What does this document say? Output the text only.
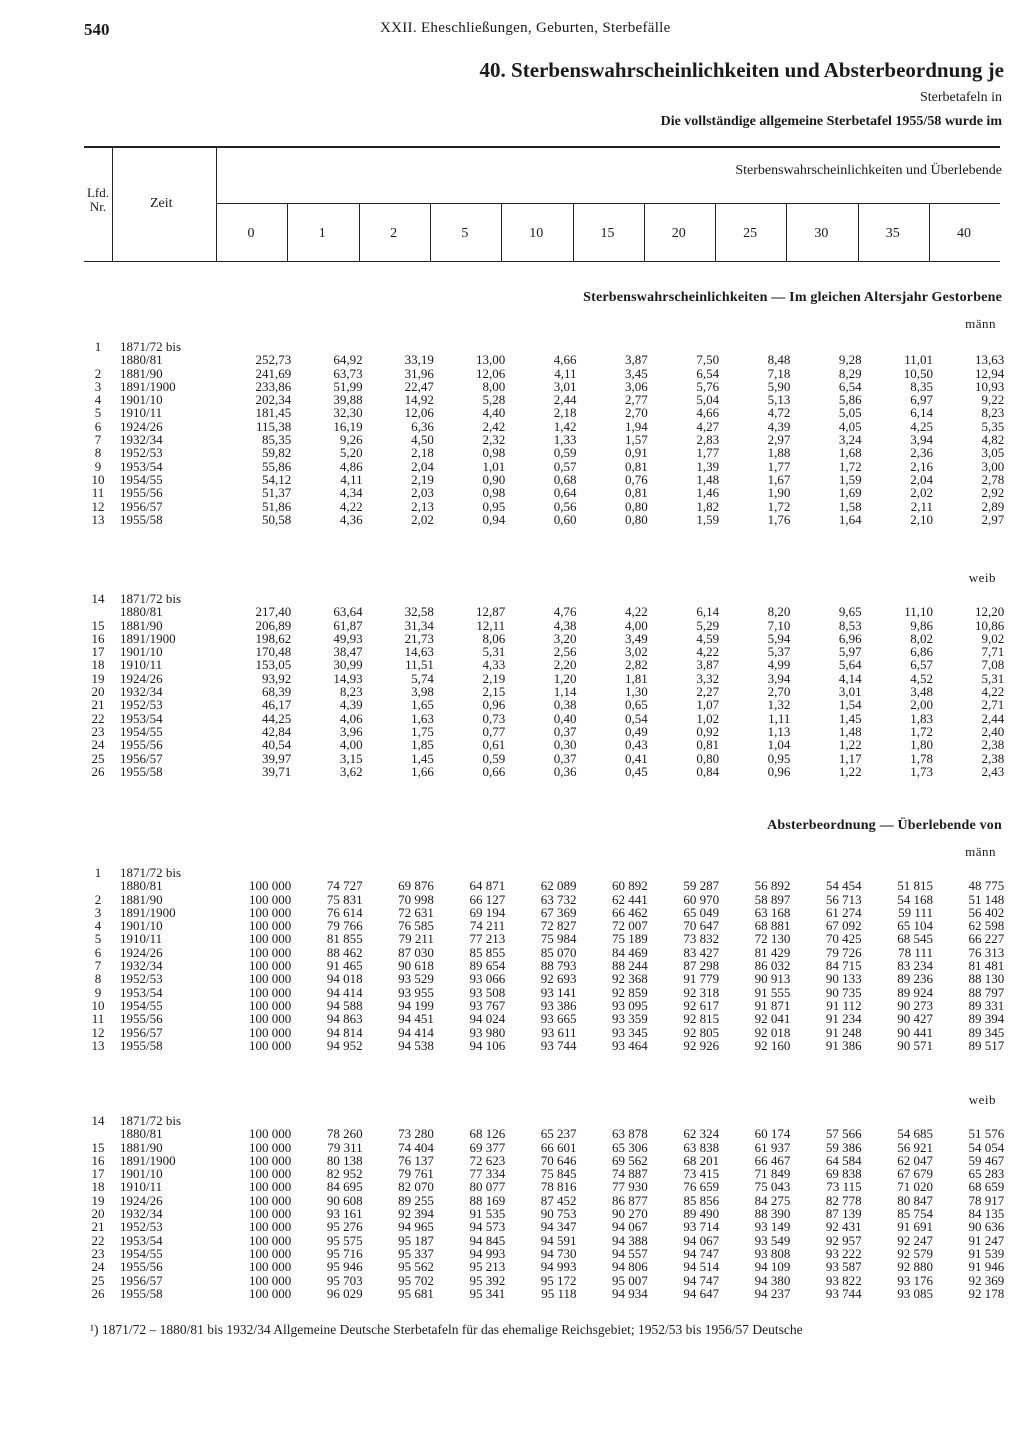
540	XXII. Eheschließungen, Geburten, Sterbefälle
40. Sterbenswahrscheinlichkeiten und Absterbeordnung je
Sterbetafeln in
Die vollständige allgemeine Sterbetafel 1955/58 wurde im
Lfd.
Nr.	Zeit
Sterbenswahrscheinlichkeiten und Überlebende
0	1	2	5	10	15	20	25	30	35	40
Sterbenswahrscheinlichkeiten — Im gleichen Altersjahr Gestorbene
männ
weib
Absterbeordnung — Überlebende von
männ
weib
1	1871/72 bis											
	1880/81	252,73	64,92	33,19	13,00	4,66	3,87	7,50	8,48	9,28	11,01	13,63
2	1881/90	241,69	63,73	31,96	12,06	4,11	3,45	6,54	7,18	8,29	10,50	12,94
3	1891/1900	233,86	51,99	22,47	8,00	3,01	3,06	5,76	5,90	6,54	8,35	10,93
4	1901/10	202,34	39,88	14,92	5,28	2,44	2,77	5,04	5,13	5,86	6,97	9,22
5	1910/11	181,45	32,30	12,06	4,40	2,18	2,70	4,66	4,72	5,05	6,14	8,23
6	1924/26	115,38	16,19	6,36	2,42	1,42	1,94	4,27	4,39	4,05	4,25	5,35
7	1932/34	85,35	9,26	4,50	2,32	1,33	1,57	2,83	2,97	3,24	3,94	4,82
8	1952/53	59,82	5,20	2,18	0,98	0,59	0,91	1,77	1,88	1,68	2,36	3,05
9	1953/54	55,86	4,86	2,04	1,01	0,57	0,81	1,39	1,77	1,72	2,16	3,00
10	1954/55	54,12	4,11	2,19	0,90	0,68	0,76	1,48	1,67	1,59	2,04	2,78
11	1955/56	51,37	4,34	2,03	0,98	0,64	0,81	1,46	1,90	1,69	2,02	2,92
12	1956/57	51,86	4,22	2,13	0,95	0,56	0,80	1,82	1,72	1,58	2,11	2,89
13	1955/58	50,58	4,36	2,02	0,94	0,60	0,80	1,59	1,76	1,64	2,10	2,97
14	1871/72 bis											
	1880/81	217,40	63,64	32,58	12,87	4,76	4,22	6,14	8,20	9,65	11,10	12,20
15	1881/90	206,89	61,87	31,34	12,11	4,38	4,00	5,29	7,10	8,53	9,86	10,86
16	1891/1900	198,62	49,93	21,73	8,06	3,20	3,49	4,59	5,94	6,96	8,02	9,02
17	1901/10	170,48	38,47	14,63	5,31	2,56	3,02	4,22	5,37	5,97	6,86	7,71
18	1910/11	153,05	30,99	11,51	4,33	2,20	2,82	3,87	4,99	5,64	6,57	7,08
19	1924/26	93,92	14,93	5,74	2,19	1,20	1,81	3,32	3,94	4,14	4,52	5,31
20	1932/34	68,39	8,23	3,98	2,15	1,14	1,30	2,27	2,70	3,01	3,48	4,22
21	1952/53	46,17	4,39	1,65	0,96	0,38	0,65	1,07	1,32	1,54	2,00	2,71
22	1953/54	44,25	4,06	1,63	0,73	0,40	0,54	1,02	1,11	1,45	1,83	2,44
23	1954/55	42,84	3,96	1,75	0,77	0,37	0,49	0,92	1,13	1,48	1,72	2,40
24	1955/56	40,54	4,00	1,85	0,61	0,30	0,43	0,81	1,04	1,22	1,80	2,38
25	1956/57	39,97	3,15	1,45	0,59	0,37	0,41	0,80	0,95	1,17	1,78	2,38
26	1955/58	39,71	3,62	1,66	0,66	0,36	0,45	0,84	0,96	1,22	1,73	2,43
1	1871/72 bis											
	1880/81	100 000	74 727	69 876	64 871	62 089	60 892	59 287	56 892	54 454	51 815	48 775
2	1881/90	100 000	75 831	70 998	66 127	63 732	62 441	60 970	58 897	56 713	54 168	51 148
3	1891/1900	100 000	76 614	72 631	69 194	67 369	66 462	65 049	63 168	61 274	59 111	56 402
4	1901/10	100 000	79 766	76 585	74 211	72 827	72 007	70 647	68 881	67 092	65 104	62 598
5	1910/11	100 000	81 855	79 211	77 213	75 984	75 189	73 832	72 130	70 425	68 545	66 227
6	1924/26	100 000	88 462	87 030	85 855	85 070	84 469	83 427	81 429	79 726	78 111	76 313
7	1932/34	100 000	91 465	90 618	89 654	88 793	88 244	87 298	86 032	84 715	83 234	81 481
8	1952/53	100 000	94 018	93 529	93 066	92 693	92 368	91 779	90 913	90 133	89 236	88 130
9	1953/54	100 000	94 414	93 955	93 508	93 141	92 859	92 318	91 555	90 735	89 924	88 797
10	1954/55	100 000	94 588	94 199	93 767	93 386	93 095	92 617	91 871	91 112	90 273	89 331
11	1955/56	100 000	94 863	94 451	94 024	93 665	93 359	92 815	92 041	91 234	90 427	89 394
12	1956/57	100 000	94 814	94 414	93 980	93 611	93 345	92 805	92 018	91 248	90 441	89 345
13	1955/58	100 000	94 952	94 538	94 106	93 744	93 464	92 926	92 160	91 386	90 571	89 517
14	1871/72 bis											
	1880/81	100 000	78 260	73 280	68 126	65 237	63 878	62 324	60 174	57 566	54 685	51 576
15	1881/90	100 000	79 311	74 404	69 377	66 601	65 306	63 838	61 937	59 386	56 921	54 054
16	1891/1900	100 000	80 138	76 137	72 623	70 646	69 562	68 201	66 467	64 584	62 047	59 467
17	1901/10	100 000	82 952	79 761	77 334	75 845	74 887	73 415	71 849	69 838	67 679	65 283
18	1910/11	100 000	84 695	82 070	80 077	78 816	77 930	76 659	75 043	73 115	71 020	68 659
19	1924/26	100 000	90 608	89 255	88 169	87 452	86 877	85 856	84 275	82 778	80 847	78 917
20	1932/34	100 000	93 161	92 394	91 535	90 753	90 270	89 490	88 390	87 139	85 754	84 135
21	1952/53	100 000	95 276	94 965	94 573	94 347	94 067	93 714	93 149	92 431	91 691	90 636
22	1953/54	100 000	95 575	95 187	94 845	94 591	94 388	94 067	93 549	92 957	92 247	91 247
23	1954/55	100 000	95 716	95 337	94 993	94 730	94 557	94 747	93 808	93 222	92 579	91 539
24	1955/56	100 000	95 946	95 562	95 213	94 993	94 806	94 514	94 109	93 587	92 880	91 946
25	1956/57	100 000	95 703	95 702	95 392	95 172	95 007	94 747	94 380	93 822	93 176	92 369
26	1955/58	100 000	96 029	95 681	95 341	95 118	94 934	94 647	94 237	93 744	93 085	92 178
¹) 1871/72 – 1880/81 bis 1932/34 Allgemeine Deutsche Sterbetafeln für das ehemalige Reichsgebiet; 1952/53 bis 1956/57 Deutsche
